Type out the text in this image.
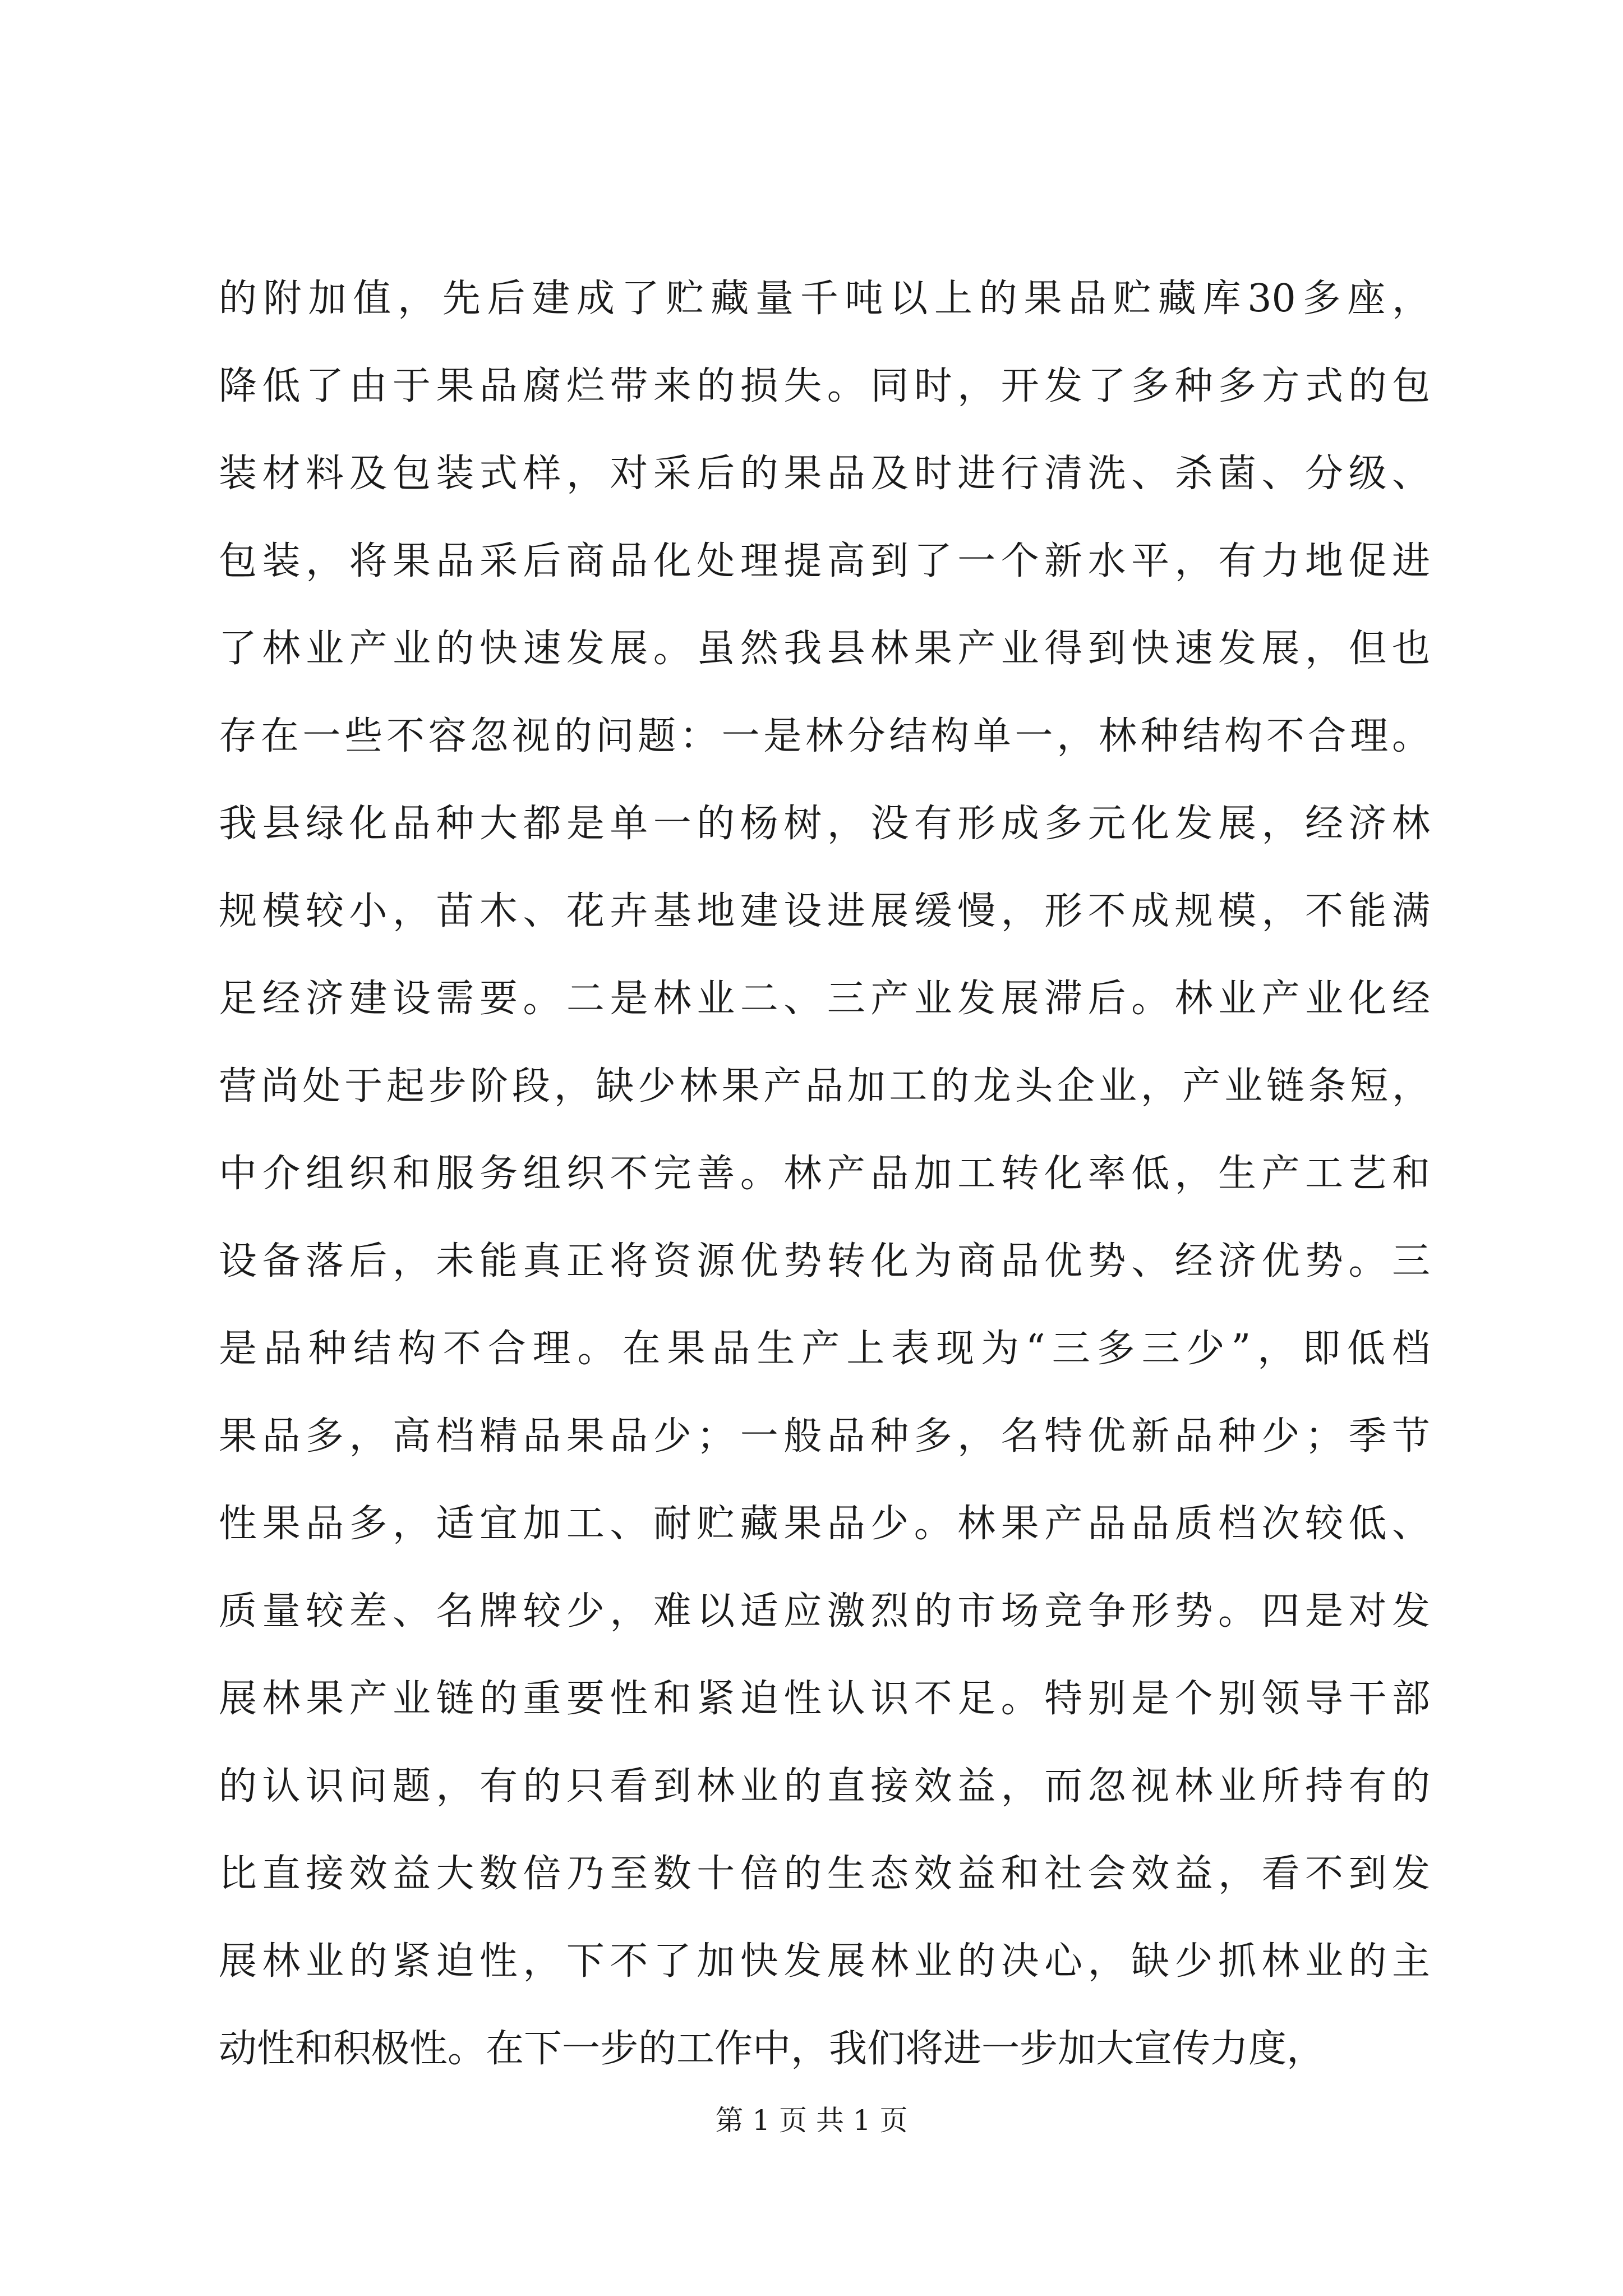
的附加值，先后建成了贮藏量千吨以上的果品贮藏库30多座，
降低了由于果品腐烂带来的损失。同时，开发了多种多方式的包
装材料及包装式样，对采后的果品及时进行清洗、杀菌、分级、
包装，将果品采后商品化处理提高到了一个新水平，有力地促进
了林业产业的快速发展。虽然我县林果产业得到快速发展，但也
存在一些不容忽视的问题：一是林分结构单一，林种结构不合理。
我县绿化品种大都是单一的杨树，没有形成多元化发展，经济林
规模较小，苗木、花卉基地建设进展缓慢，形不成规模，不能满
足经济建设需要。二是林业二、三产业发展滞后。林业产业化经
营尚处于起步阶段，缺少林果产品加工的龙头企业，产业链条短，
中介组织和服务组织不完善。林产品加工转化率低，生产工艺和
设备落后，未能真正将资源优势转化为商品优势、经济优势。三
是品种结构不合理。在果品生产上表现为“三多三少”，即低档
果品多，高档精品果品少；一般品种多，名特优新品种少；季节
性果品多，适宜加工、耐贮藏果品少。林果产品品质档次较低、
质量较差、名牌较少，难以适应激烈的市场竞争形势。四是对发
展林果产业链的重要性和紧迫性认识不足。特别是个别领导干部
的认识问题，有的只看到林业的直接效益，而忽视林业所持有的
比直接效益大数倍乃至数十倍的生态效益和社会效益，看不到发
展林业的紧迫性，下不了加快发展林业的决心，缺少抓林业的主
动性和积极性。在下一步的工作中，我们将进一步加大宣传力度，
第 1 页 共 1 页
